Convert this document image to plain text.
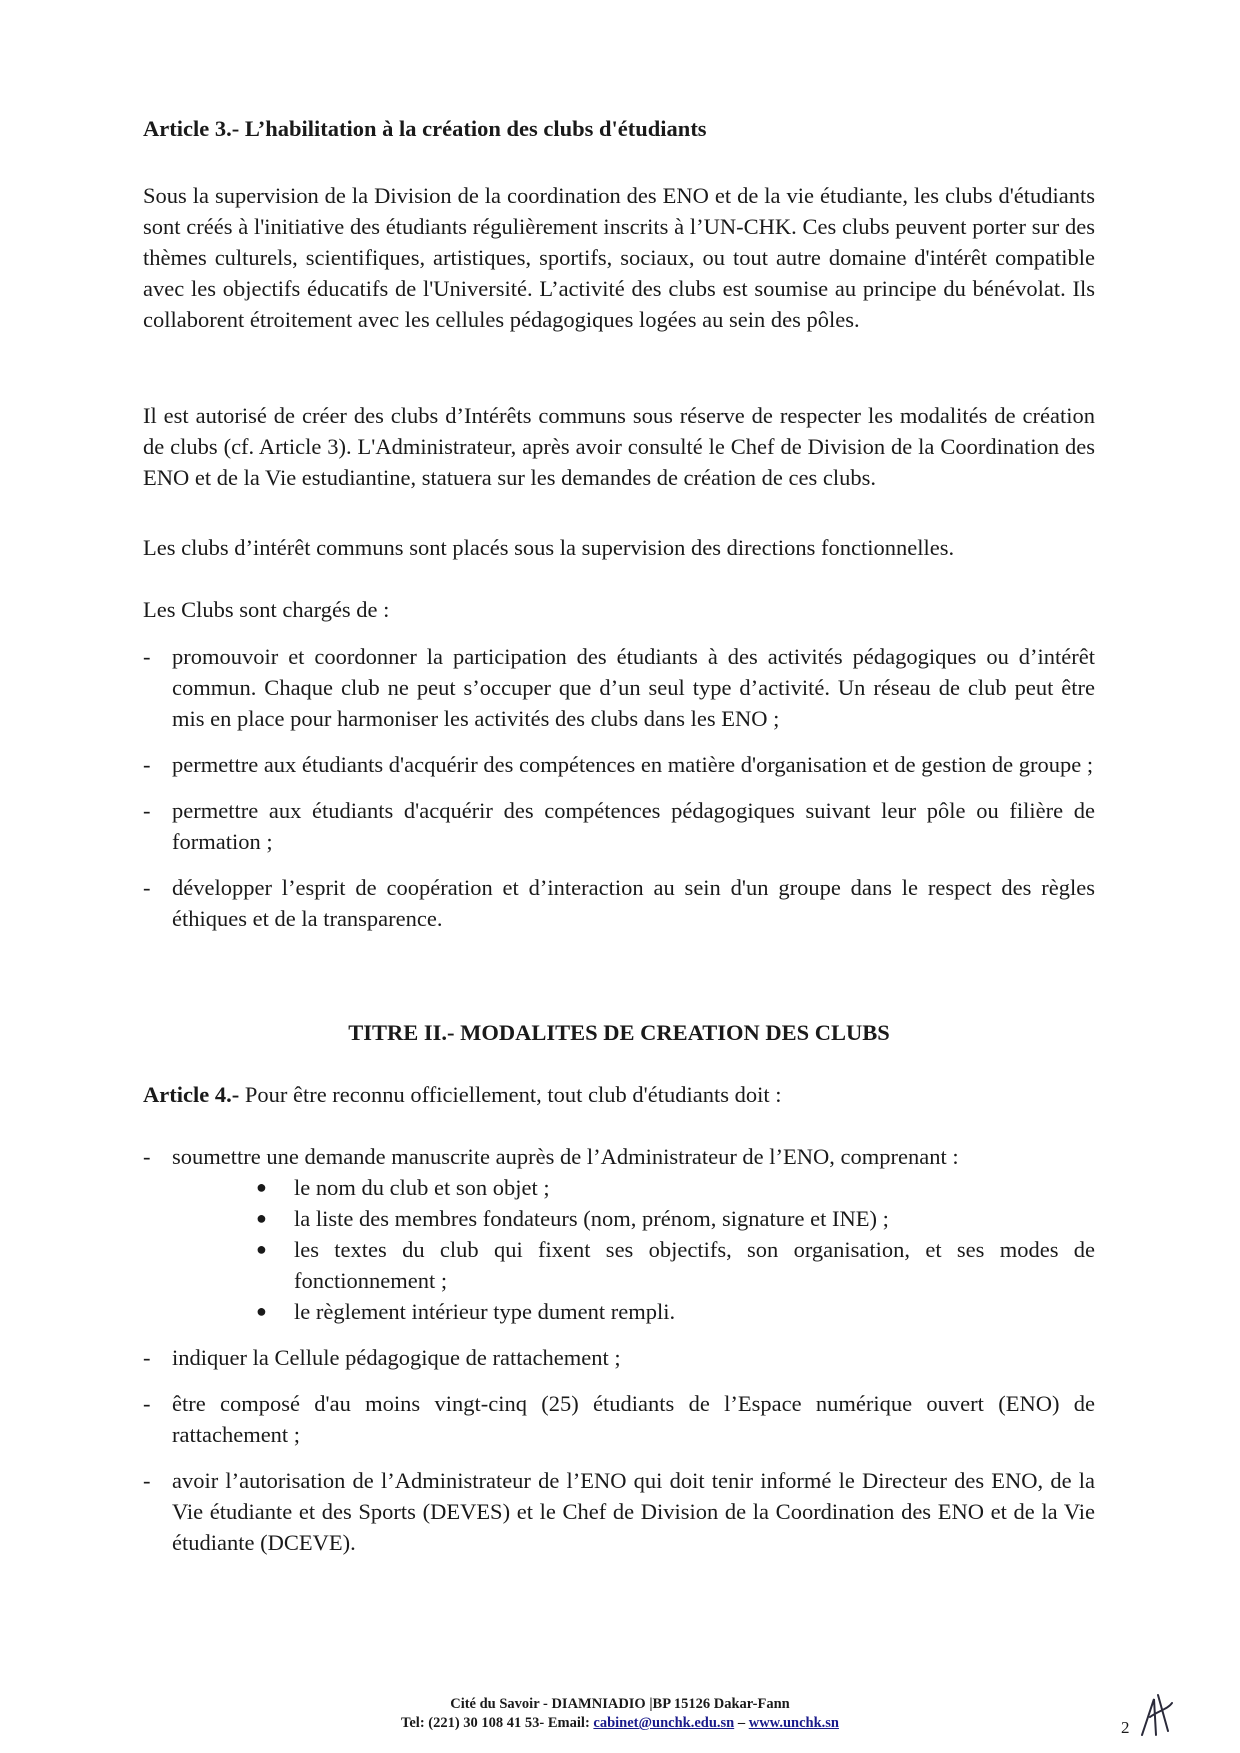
Article 3.- L’habilitation à la création des clubs d'étudiants

Sous la supervision de la Division de la coordination des ENO et de la vie étudiante, les clubs d'étudiants sont créés à l'initiative des étudiants régulièrement inscrits à l’UN-CHK. Ces clubs peuvent porter sur des thèmes culturels, scientifiques, artistiques, sportifs, sociaux, ou tout autre domaine d'intérêt compatible avec les objectifs éducatifs de l'Université. L’activité des clubs est soumise au principe du bénévolat. Ils collaborent étroitement avec les cellules pédagogiques logées au sein des pôles.

Il est autorisé de créer des clubs d’Intérêts communs sous réserve de respecter les modalités de création de clubs (cf. Article 3). L'Administrateur, après avoir consulté le Chef de Division de la Coordination des ENO et de la Vie estudiantine, statuera sur les demandes de création de ces clubs.

Les clubs d’intérêt communs sont placés sous la supervision des directions fonctionnelles.

Les Clubs sont chargés de :

- promouvoir et coordonner la participation des étudiants à des activités pédagogiques ou d’intérêt commun. Chaque club ne peut s’occuper que d’un seul type d’activité. Un réseau de club peut être mis en place pour harmoniser les activités des clubs dans les ENO ;
- permettre aux étudiants d'acquérir des compétences en matière d'organisation et de gestion de groupe ;
- permettre aux étudiants d'acquérir des compétences pédagogiques suivant leur pôle ou filière de formation ;
- développer l’esprit de coopération et d’interaction au sein d'un groupe dans le respect des règles éthiques et de la transparence.
TITRE II.- MODALITES DE CREATION DES CLUBS

Article 4.- Pour être reconnu officiellement, tout club d'étudiants doit :

- soumettre une demande manuscrite auprès de l’Administrateur de l’ENO, comprenant :
● le nom du club et son objet ;
● la liste des membres fondateurs (nom, prénom, signature et INE) ;
● les textes du club qui fixent ses objectifs, son organisation, et ses modes de fonctionnement ;
● le règlement intérieur type dument rempli.
- indiquer la Cellule pédagogique de rattachement ;
- être composé d'au moins vingt-cinq (25) étudiants de l’Espace numérique ouvert (ENO) de rattachement ;
- avoir l’autorisation de l’Administrateur de l’ENO qui doit tenir informé le Directeur des ENO, de la Vie étudiante et des Sports (DEVES) et le Chef de Division de la Coordination des ENO et de la Vie étudiante (DCEVE).
Cité du Savoir - DIAMNIADIO |BP 15126 Dakar-Fann
Tel: (221) 30 108 41 53- Email: cabinet@unchk.edu.sn – www.unchk.sn	2
